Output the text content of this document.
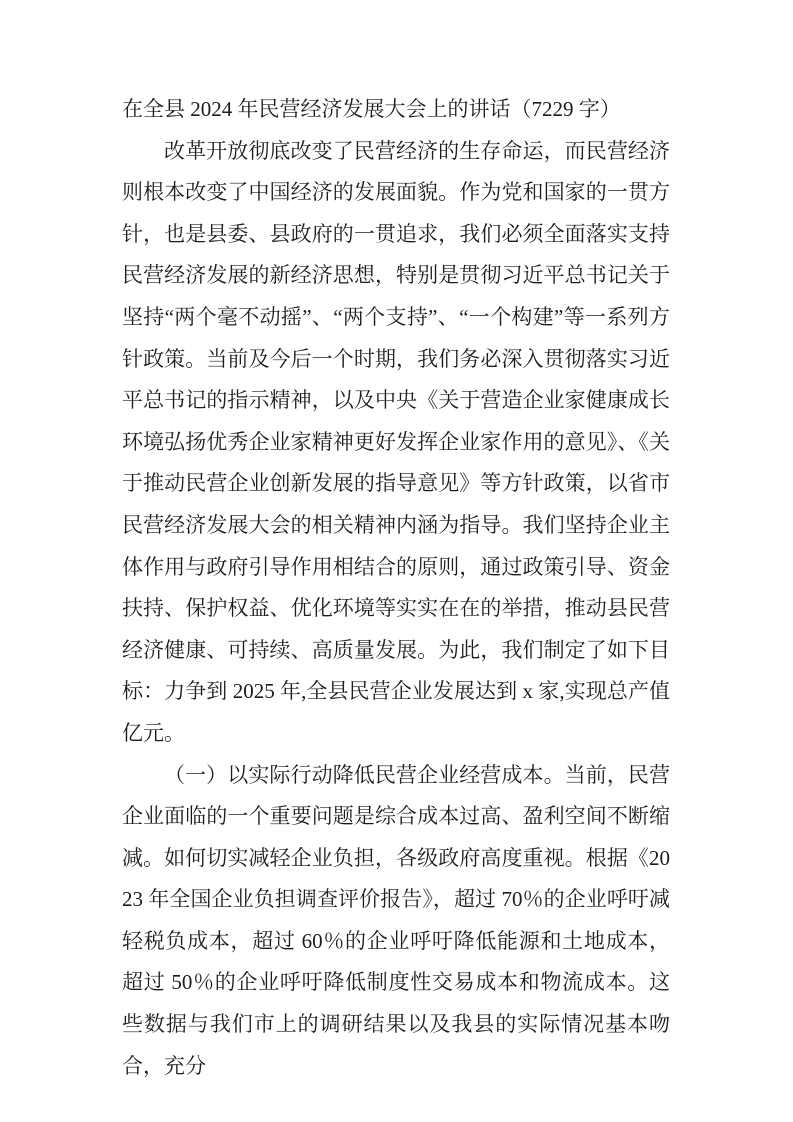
在全县 2024 年民营经济发展大会上的讲话（7229 字）

改革开放彻底改变了民营经济的生存命运，而民营经济则根本改变了中国经济的发展面貌。作为党和国家的一贯方针，也是县委、县政府的一贯追求，我们必须全面落实支持民营经济发展的新经济思想，特别是贯彻习近平总书记关于坚持“两个毫不动摇”、“两个支持”、“一个构建”等一系列方针政策。当前及今后一个时期，我们务必深入贯彻落实习近平总书记的指示精神，以及中央《关于营造企业家健康成长环境弘扬优秀企业家精神更好发挥企业家作用的意见》、《关于推动民营企业创新发展的指导意见》等方针政策，以省市民营经济发展大会的相关精神内涵为指导。我们坚持企业主体作用与政府引导作用相结合的原则，通过政策引导、资金扶持、保护权益、优化环境等实实在在的举措，推动县民营经济健康、可持续、高质量发展。为此，我们制定了如下目标：力争到 2025 年,全县民营企业发展达到 x 家,实现总产值亿元。

（一）以实际行动降低民营企业经营成本。当前，民营企业面临的一个重要问题是综合成本过高、盈利空间不断缩减。如何切实减轻企业负担，各级政府高度重视。根据《2023 年全国企业负担调查评价报告》，超过 70％的企业呼吁减轻税负成本，超过 60％的企业呼吁降低能源和土地成本，超过 50％的企业呼吁降低制度性交易成本和物流成本。这些数据与我们市上的调研结果以及我县的实际情况基本吻合，充分
